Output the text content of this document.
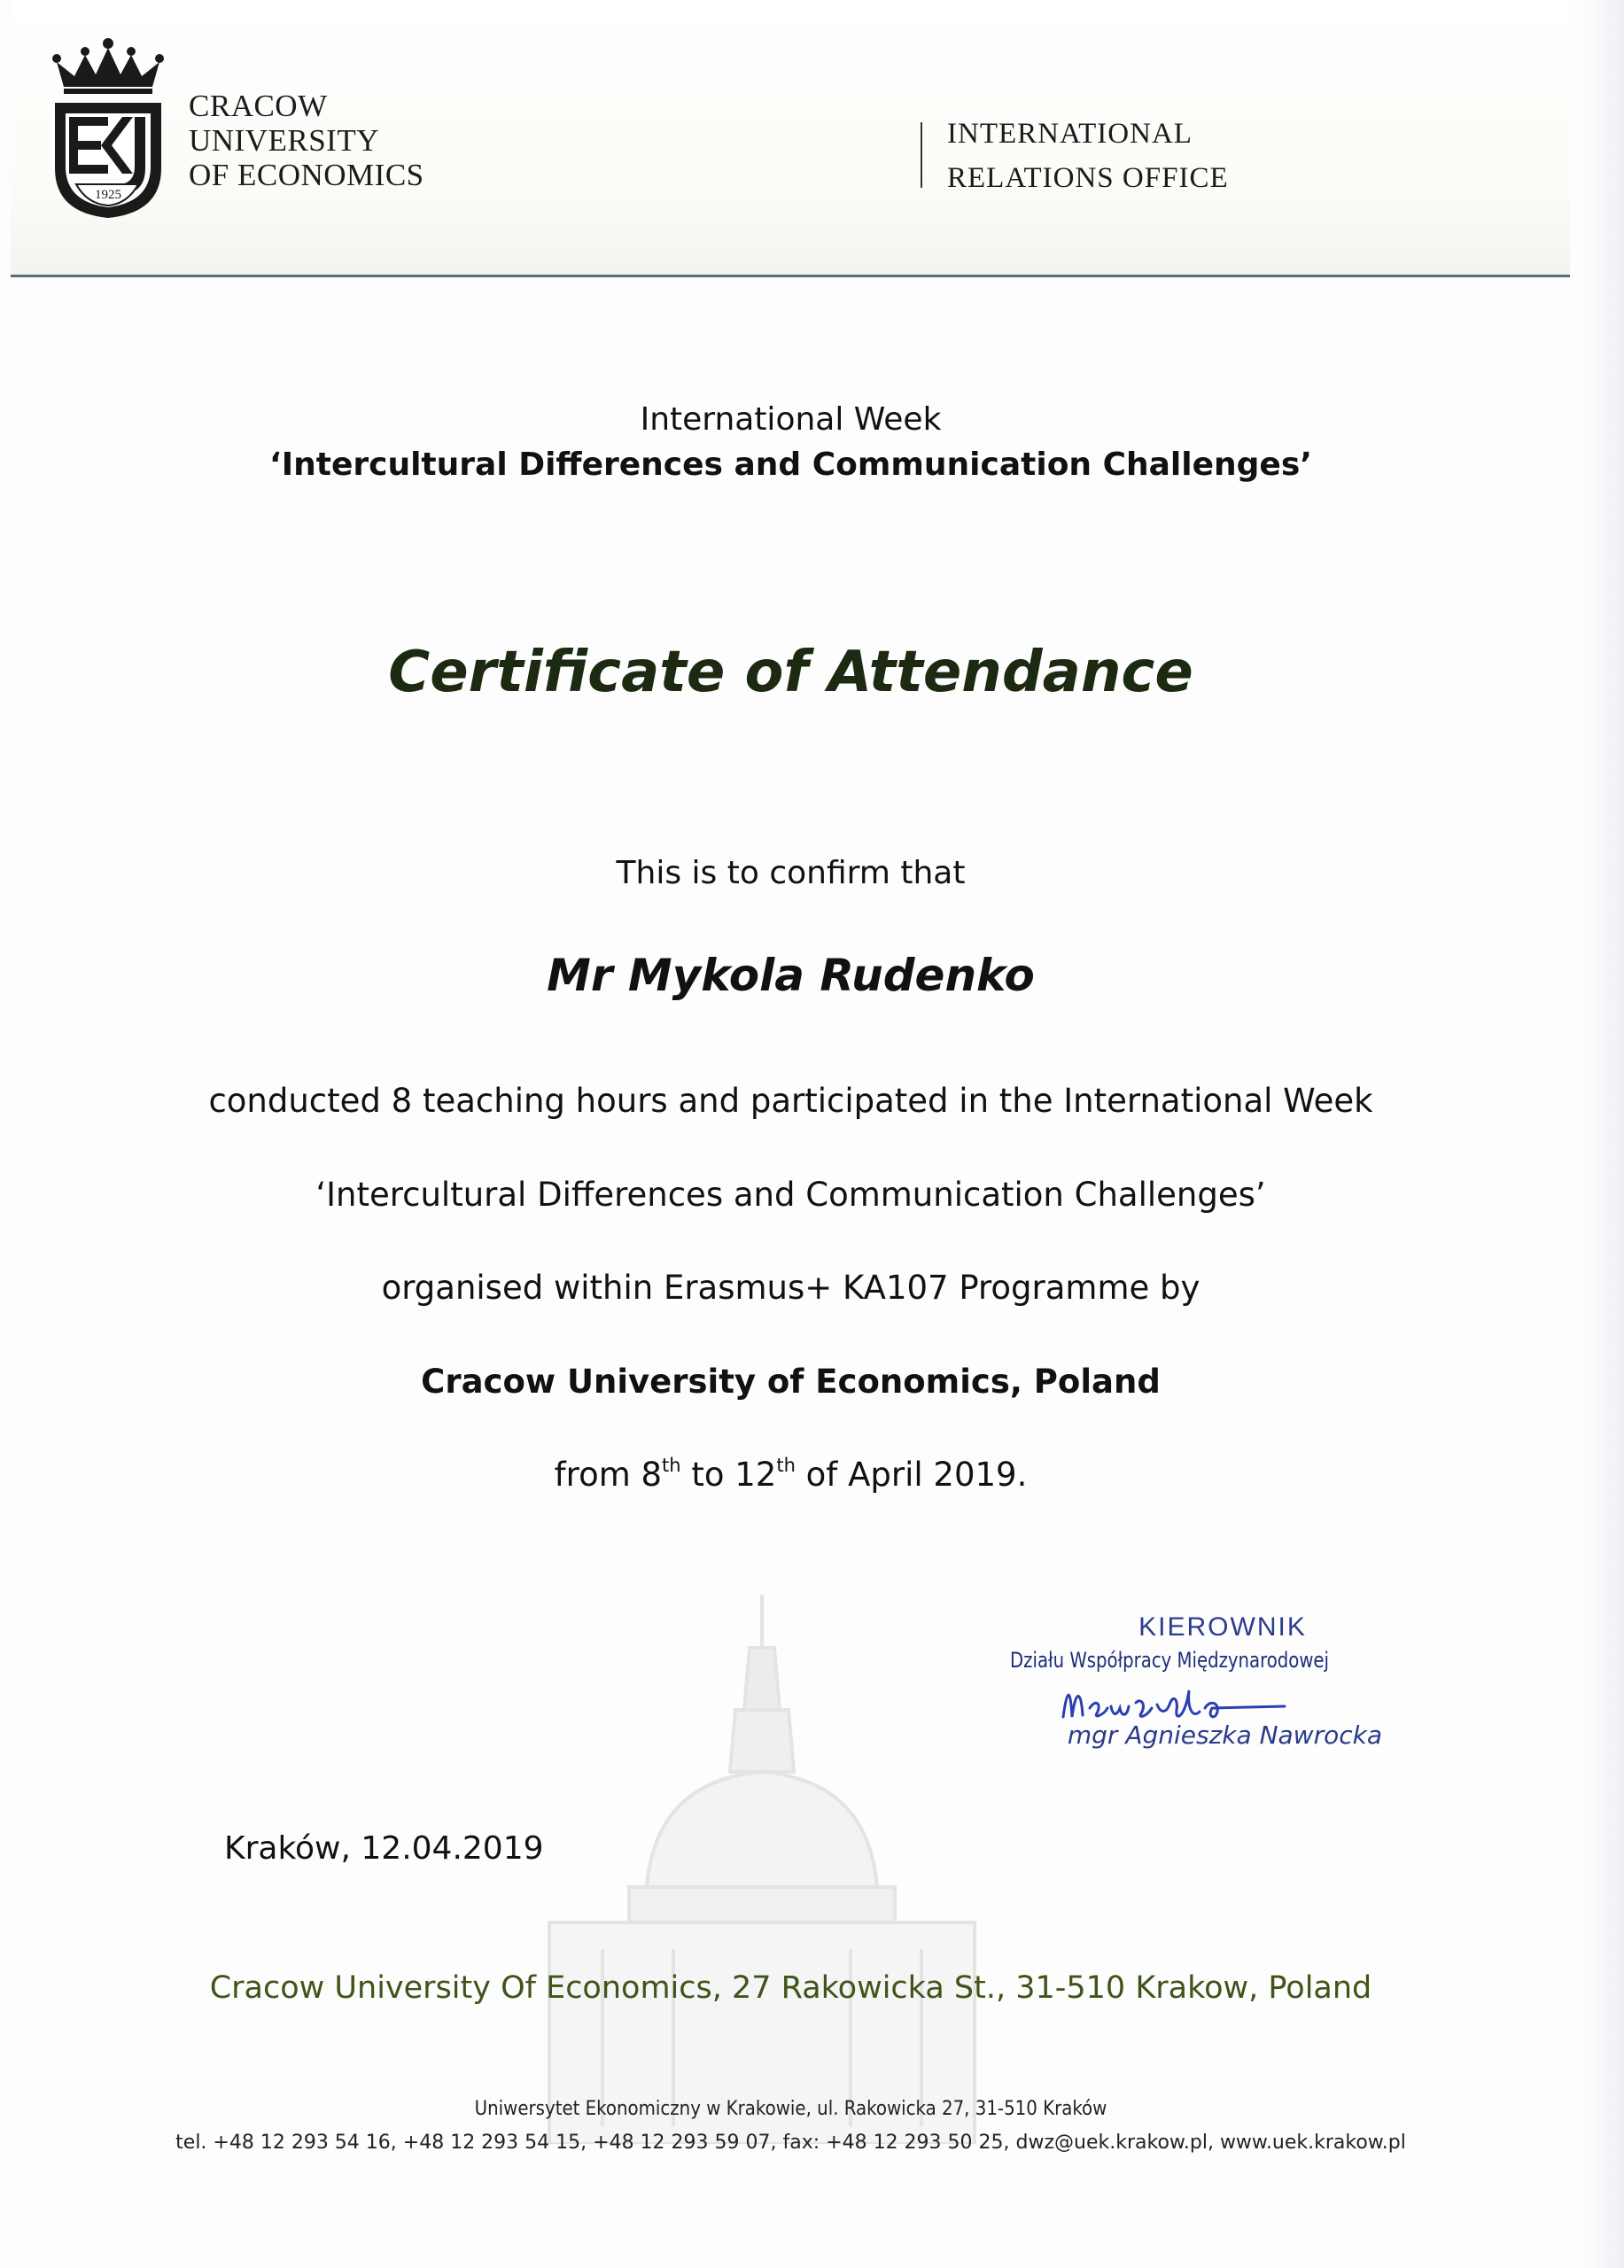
1925
CRACOW
UNIVERSITY
OF ECONOMICS
INTERNATIONAL
RELATIONS OFFICE
International Week
‘Intercultural Differences and Communication Challenges’
Certificate of Attendance
This is to confirm that
Mr Mykola Rudenko
conducted 8 teaching hours and participated in the International Week
‘Intercultural Differences and Communication Challenges’
organised within Erasmus+ KA107 Programme by
Cracow University of Economics, Poland
from 8th to 12th of April 2019.
KIEROWNIK
Działu Współpracy Międzynarodowej
mgr Agnieszka Nawrocka
Kraków, 12.04.2019
Cracow University Of Economics, 27 Rakowicka St., 31-510 Krakow, Poland
Uniwersytet Ekonomiczny w Krakowie, ul. Rakowicka 27, 31-510 Kraków
tel. +48 12 293 54 16, +48 12 293 54 15, +48 12 293 59 07, fax: +48 12 293 50 25, dwz@uek.krakow.pl, www.uek.krakow.pl
